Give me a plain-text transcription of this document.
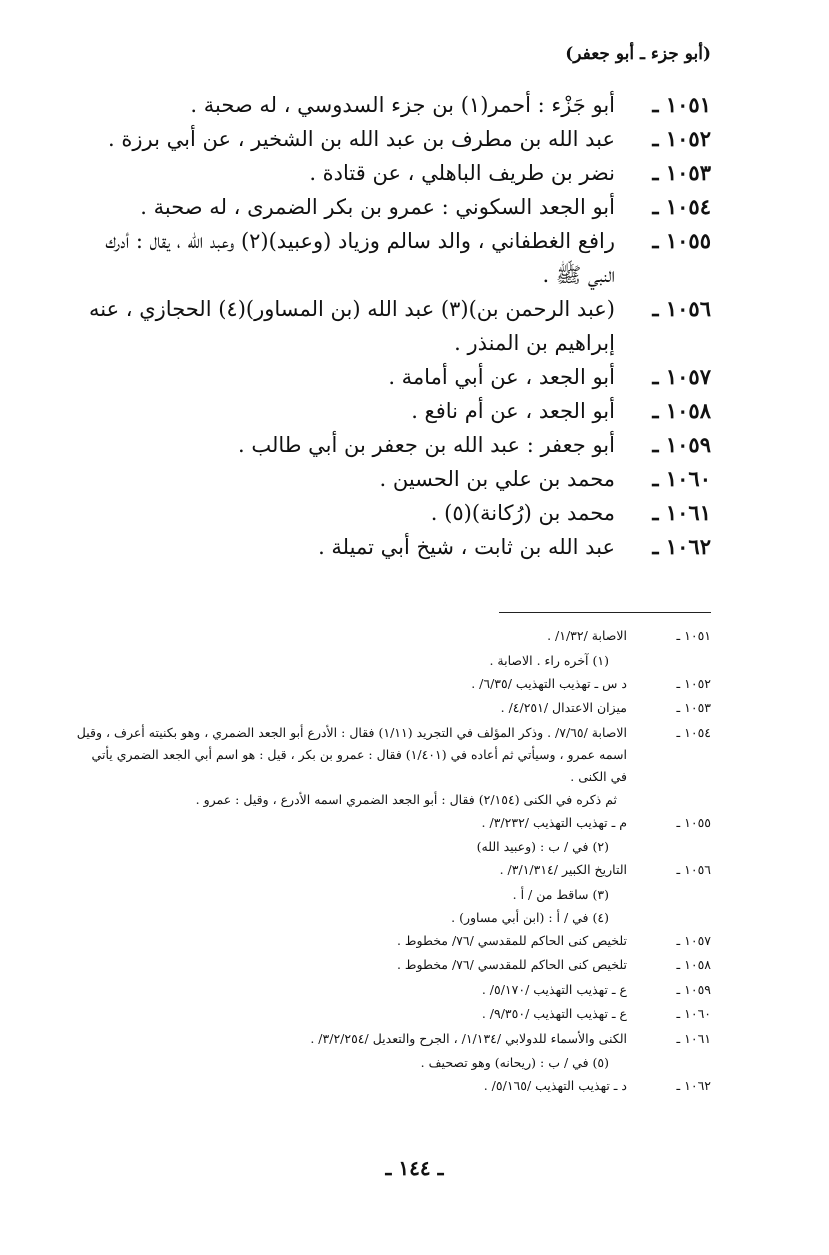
(أبو جزء ـ أبو جعفر)
١٠٥١ ـ
أبو جَزْء : أحمر(١) بن جزء السدوسي ، له صحبة .
١٠٥٢ ـ
عبد الله بن مطرف بن عبد الله بن الشخير ، عن أبي برزة .
١٠٥٣ ـ
نضر بن طريف الباهلي ، عن قتادة .
١٠٥٤ ـ
أبو الجعد السكوني : عمرو بن بكر الضمرى ، له صحبة .
١٠٥٥ ـ
رافع الغطفاني ، والد سالم وزياد (وعبيد)(٢) وعبد الله ، يقال : أدرك النبي ﷺ .
١٠٥٦ ـ
(عبد الرحمن بن)(٣) عبد الله (بن المساور)(٤) الحجازي ، عنه إبراهيم بن المنذر .
١٠٥٧ ـ
أبو الجعد ، عن أبي أمامة .
١٠٥٨ ـ
أبو الجعد ، عن أم نافع .
١٠٥٩ ـ
أبو جعفر : عبد الله بن جعفر بن أبي طالب .
١٠٦٠ ـ
محمد بن علي بن الحسين .
١٠٦١ ـ
محمد بن (رُكانة)(٥) .
١٠٦٢ ـ
عبد الله بن ثابت ، شيخ أبي تميلة .
١٠٥١ ـ
الاصابة /١/٣٢/ .
(١) آخره راء . الاصابة .
١٠٥٢ ـ
د س ـ تهذيب التهذيب /٦/٣٥/ .
١٠٥٣ ـ
ميزان الاعتدال /٤/٢٥١/ .
١٠٥٤ ـ
الاصابة /٧/٦٥/ . وذكر المؤلف في التجريد (١/١١) فقال : الأدرع أبو الجعد الضمري ، وهو بكنيته أعرف ، وقيل اسمه عمرو ، وسيأتي ثم أعاده في (١/٤٠١) فقال : عمرو بن بكر ، قيل : هو اسم أبي الجعد الضمري يأتي في الكنى .
ثم ذكره في الكنى (٢/١٥٤) فقال : أبو الجعد الضمري اسمه الأدرع ، وقيل : عمرو .
١٠٥٥ ـ
م ـ تهذيب التهذيب /٣/٢٣٢/ .
(٢) في / ب : (وعبيد الله)
١٠٥٦ ـ
التاريخ الكبير /٣/١/٣١٤/ .
(٣) ساقط من / أ .
(٤) في / أ : (ابن أبي مساور) .
١٠٥٧ ـ
تلخيص كنى الحاكم للمقدسي /٧٦/ مخطوط .
١٠٥٨ ـ
تلخيص كنى الحاكم للمقدسي /٧٦/ مخطوط .
١٠٥٩ ـ
ع ـ تهذيب التهذيب /٥/١٧٠/ .
١٠٦٠ ـ
ع ـ تهذيب التهذيب /٩/٣٥٠/ .
١٠٦١ ـ
الكنى والأسماء للدولابي /١/١٣٤/ ، الجرح والتعديل /٣/٢/٢٥٤/ .
(٥) في / ب : (ريحانه) وهو تصحيف .
١٠٦٢ ـ
د ـ تهذيب التهذيب /٥/١٦٥/ .
ـ ١٤٤ ـ
